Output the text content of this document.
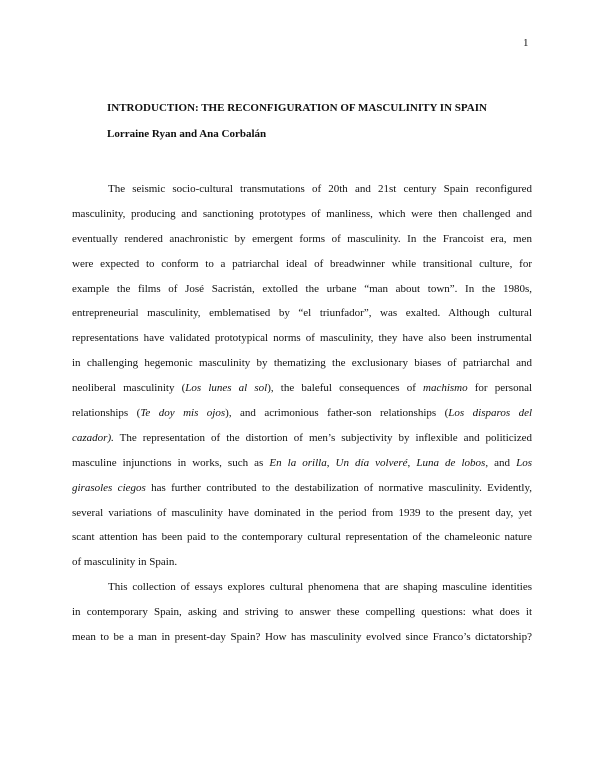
1
INTRODUCTION: THE RECONFIGURATION OF MASCULINITY IN SPAIN
Lorraine Ryan and Ana Corbalán
The seismic socio-cultural transmutations of 20th and 21st century Spain reconfigured
masculinity, producing and sanctioning prototypes of manliness, which were then challenged and
eventually rendered anachronistic by emergent forms of masculinity. In the Francoist era, men
were expected to conform to a patriarchal ideal of breadwinner while transitional culture, for
example the films of José Sacristán, extolled the urbane “man about town”. In the 1980s,
entrepreneurial masculinity, emblematised by “el triunfador”, was exalted. Although cultural
representations have validated prototypical norms of masculinity, they have also been instrumental
in challenging hegemonic masculinity by thematizing the exclusionary biases of patriarchal and
neoliberal masculinity (Los lunes al sol), the baleful consequences of machismo for personal
relationships (Te doy mis ojos), and acrimonious father-son relationships (Los disparos del
cazador). The representation of the distortion of men’s subjectivity by inflexible and politicized
masculine injunctions in works, such as En la orilla, Un día volveré, Luna de lobos, and Los
girasoles ciegos has further contributed to the destabilization of normative masculinity. Evidently,
several variations of masculinity have dominated in the period from 1939 to the present day, yet
scant attention has been paid to the contemporary cultural representation of the chameleonic nature
of masculinity in Spain.
This collection of essays explores cultural phenomena that are shaping masculine identities
in contemporary Spain, asking and striving to answer these compelling questions: what does it
mean to be a man in present-day Spain? How has masculinity evolved since Franco’s dictatorship?
